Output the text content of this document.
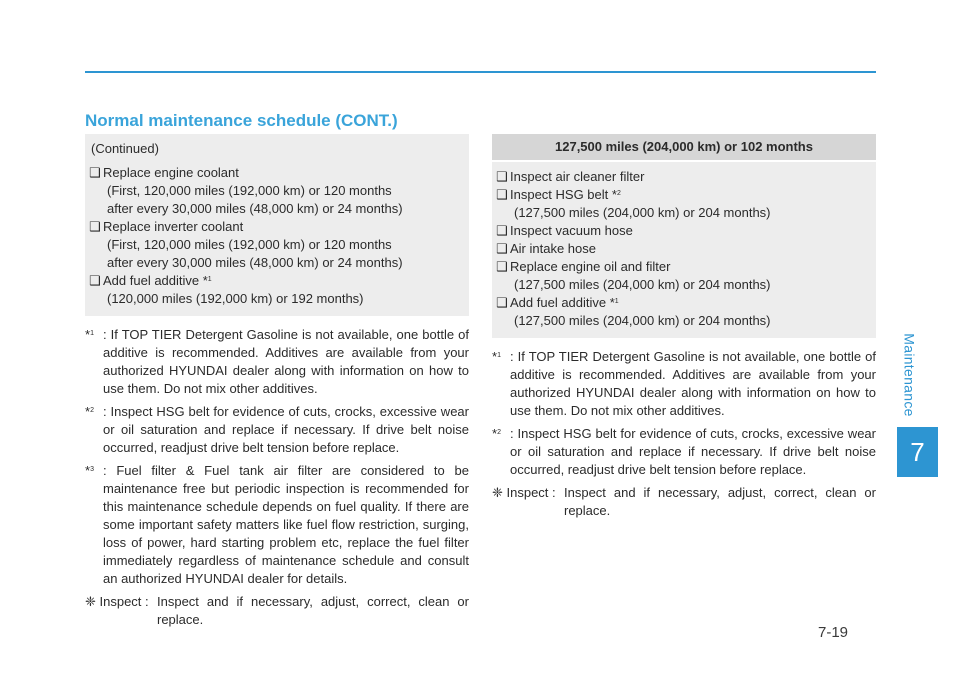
Normal maintenance schedule (CONT.)
Maintenance
7
7-19
(Continued)
❑ Replace engine coolant
(First, 120,000 miles (192,000 km) or 120 months
after every 30,000 miles (48,000 km) or 24 months)
❑ Replace inverter coolant
(First, 120,000 miles (192,000 km) or 120 months
after every 30,000 miles (48,000 km) or 24 months)
❑ Add fuel additive *$^1$
(120,000 miles (192,000 km) or 192 months)
*$^1$ : If TOP TIER Detergent Gasoline is not available, one bottle of additive is recommended. Additives are available from your authorized HYUNDAI dealer along with information on how to use them. Do not mix other additives.
*$^2$ : Inspect HSG belt for evidence of cuts, crocks, excessive wear or oil saturation and replace if necessary. If drive belt noise occurred, readjust drive belt tension before replace.
*$^3$ : Fuel filter & Fuel tank air filter are considered to be maintenance free but periodic inspection is recommended for this maintenance schedule depends on fuel quality. If there are some important safety matters like fuel flow restriction, surging, loss of power, hard starting problem etc, replace the fuel filter immediately regardless of maintenance schedule and consult an authorized HYUNDAI dealer for details.
❈ Inspect : Inspect and if necessary, adjust, correct, clean or replace.
127,500 miles (204,000 km) or 102 months
❑ Inspect air cleaner filter
❑ Inspect HSG belt *$^2$
(127,500 miles (204,000 km) or 204 months)
❑ Inspect vacuum hose
❑ Air intake hose
❑ Replace engine oil and filter
(127,500 miles (204,000 km) or 204 months)
❑ Add fuel additive *$^1$
(127,500 miles (204,000 km) or 204 months)
*$^1$ : If TOP TIER Detergent Gasoline is not available, one bottle of additive is recommended. Additives are available from your authorized HYUNDAI dealer along with information on how to use them. Do not mix other additives.
*$^2$ : Inspect HSG belt for evidence of cuts, crocks, excessive wear or oil saturation and replace if necessary. If drive belt noise occurred, readjust drive belt tension before replace.
❈ Inspect : Inspect and if necessary, adjust, correct, clean or replace.
